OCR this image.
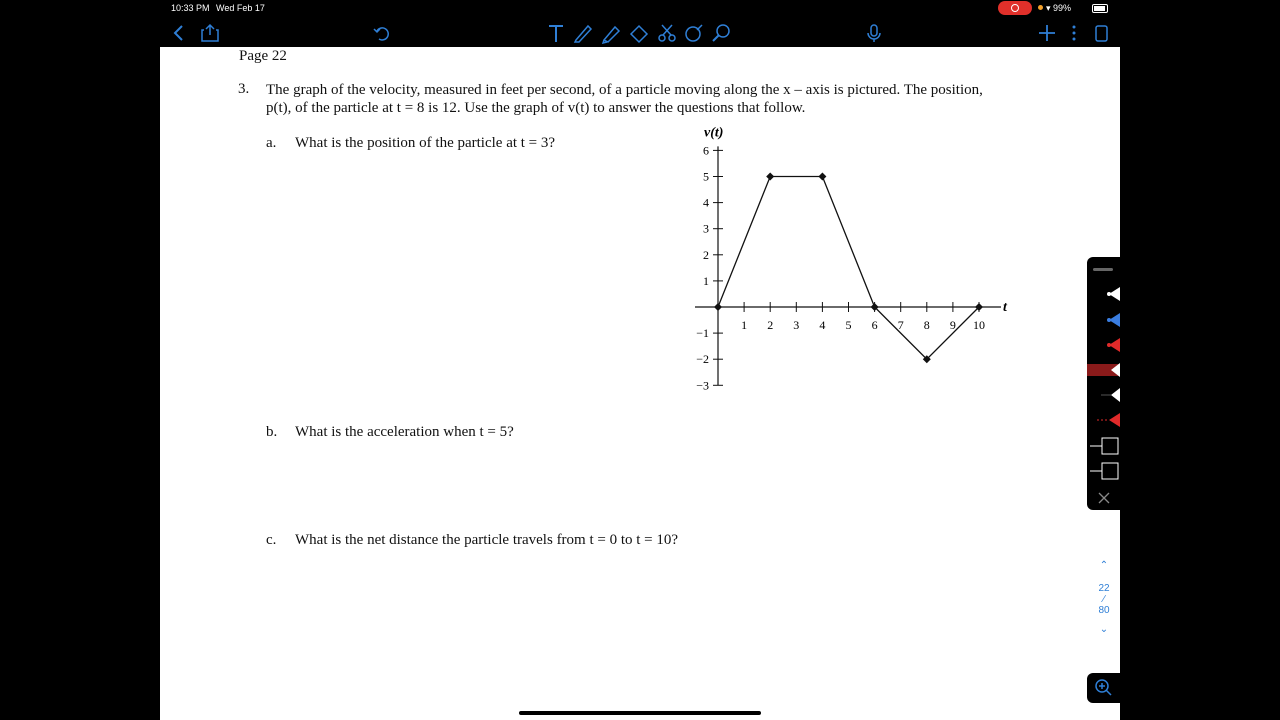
10:33 PM Wed Feb 17	▾ 99%
Page 22
3. The graph of the velocity, measured in feet per second, of a particle moving along the x – axis is pictured. The position,
p(t), of the particle at t = 8 is 12. Use the graph of v(t) to answer the questions that follow.
a. What is the position of the particle at t = 3?
b. What is the acceleration when t = 5?
c. What is the net distance the particle travels from t = 0 to t = 10?
v(t)
t
1 2 3 4 5 6 7 8 9 10
−3
−2
−1
1
2
3
4
5
6
⌃
22
∕
80
⌄
